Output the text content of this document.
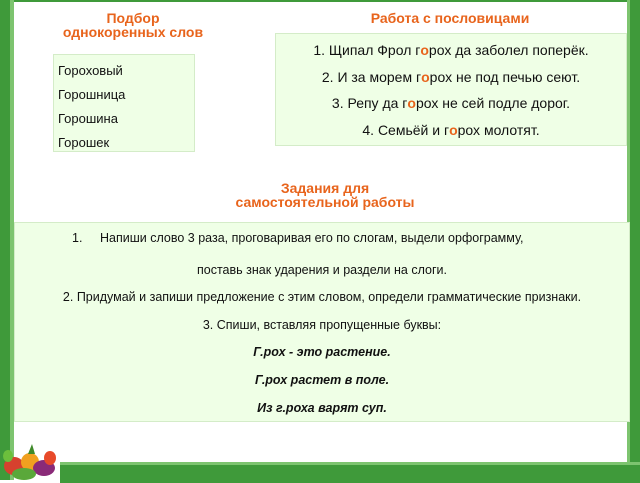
Подбор
однокоренных слов
Работа с пословицами
Гороховый
Горошница
Горошина
Горошек
1. Щипал Фрол горох да заболел поперёк.
2. И за морем горох не под печью сеют.
3. Репу да горох не сей подле дорог.
4. Семьёй и горох молотят.
Задания для
самостоятельной работы
1. Напиши слово 3 раза, проговаривая его по слогам, выдели орфограмму,
поставь знак ударения и раздели на слоги.
2. Придумай и запиши предложение с этим словом, определи грамматические признаки.
3. Спиши, вставляя пропущенные буквы:
Г.рох - это растение.
Г.рох растет в поле.
Из г.роха варят суп.
